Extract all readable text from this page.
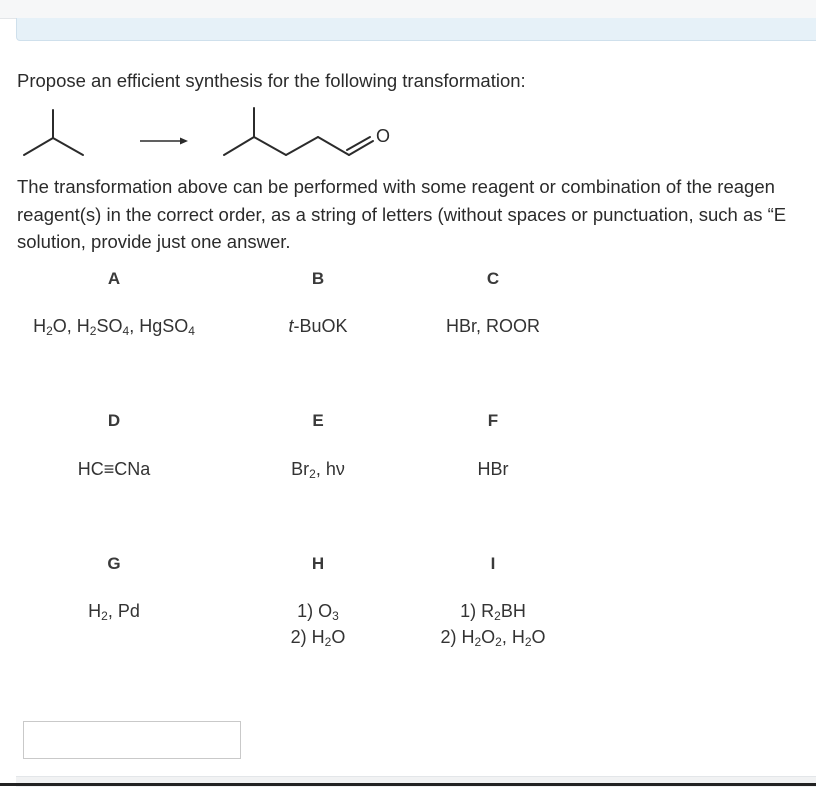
Propose an efficient synthesis for the following transformation:
O
The transformation above can be performed with some reagent or combination of the reagen
reagent(s) in the correct order, as a string of letters (without spaces or punctuation, such as “E
solution, provide just one answer.
A
$H_2O$, $H_2SO_4$, HgSO$_4$
B
t-BuOK
C
HBr, ROOR
D
HC≡CNa
E
$Br_2$, hν
F
HBr
G
$H_2$, Pd
H
1) $O_3$
2) $H_2O$
I
1) $R_2BH$
2) $H_2O_2$, $H_2O$
